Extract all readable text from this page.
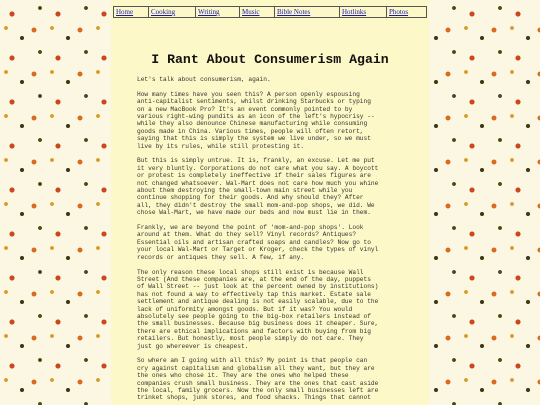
Home	Cooking	Writing	Music	Bible Notes	Hotlinks	Photos
I Rant About Consumerism Again

Let's talk about consumerism, again.

How many times have you seen this? A person openly espousing
anti-capitalist sentiments, whilst drinking Starbucks or typing
on a new MacBook Pro? It's an event commonly pointed to by
various right-wing pundits as an icon of the left's hypocrisy --
while they also denounce Chinese manufacturing while consuming
goods made in China. Various times, people will often retort,
saying that this is simply the system we live under, so we must
live by its rules, while still protesting it.

But this is simply untrue. It is, frankly, an excuse. Let me put
it very bluntly. Corporations do not care what you say. A boycott
or protest is completely ineffective if their sales figures are
not changed whatsoever. Wal-Mart does not care how much you whine
about them destroying the small-town main street while you
continue shopping for their goods. And why should they? After
all, they didn't destroy the small mom-and-pop shops, we did. We
chose Wal-Mart, we have made our beds and now must lie in them.

Frankly, we are beyond the point of 'mom-and-pop shops'. Look
around at them. What do they sell? Vinyl records? Antiques?
Essential oils and artisan crafted soaps and candles? Now go to
your local Wal-Mart or Target or Kroger, check the types of vinyl
records or antiques they sell. A few, if any.

The only reason these local shops still exist is because Wall
Street (And these companies are, at the end of the day, puppets
of Wall Street -- just look at the percent owned by institutions)
has not found a way to effectively tap this market. Estate sale
settlement and antique dealing is not easily scalable, due to the
lack of uniformity amongst goods. But if it was? You would
absolutely see people going to the big-box retailers instead of
the small businesses. Because big business does it cheaper. Sure,
there are ethical implications and factors with buying from big
retailers. But honestly, most people simply do not care. They
just go whereever is cheapest.

So where am I going with all this? My point is that people can
cry against capitalism and globalism all they want, but they are
the ones who chose it. They are the ones who helped these
companies crush small business. They are the ones that cast aside
the local, family grocers. Now the only small businesses left are
trinket shops, junk stores, and food shacks. Things that cannot
